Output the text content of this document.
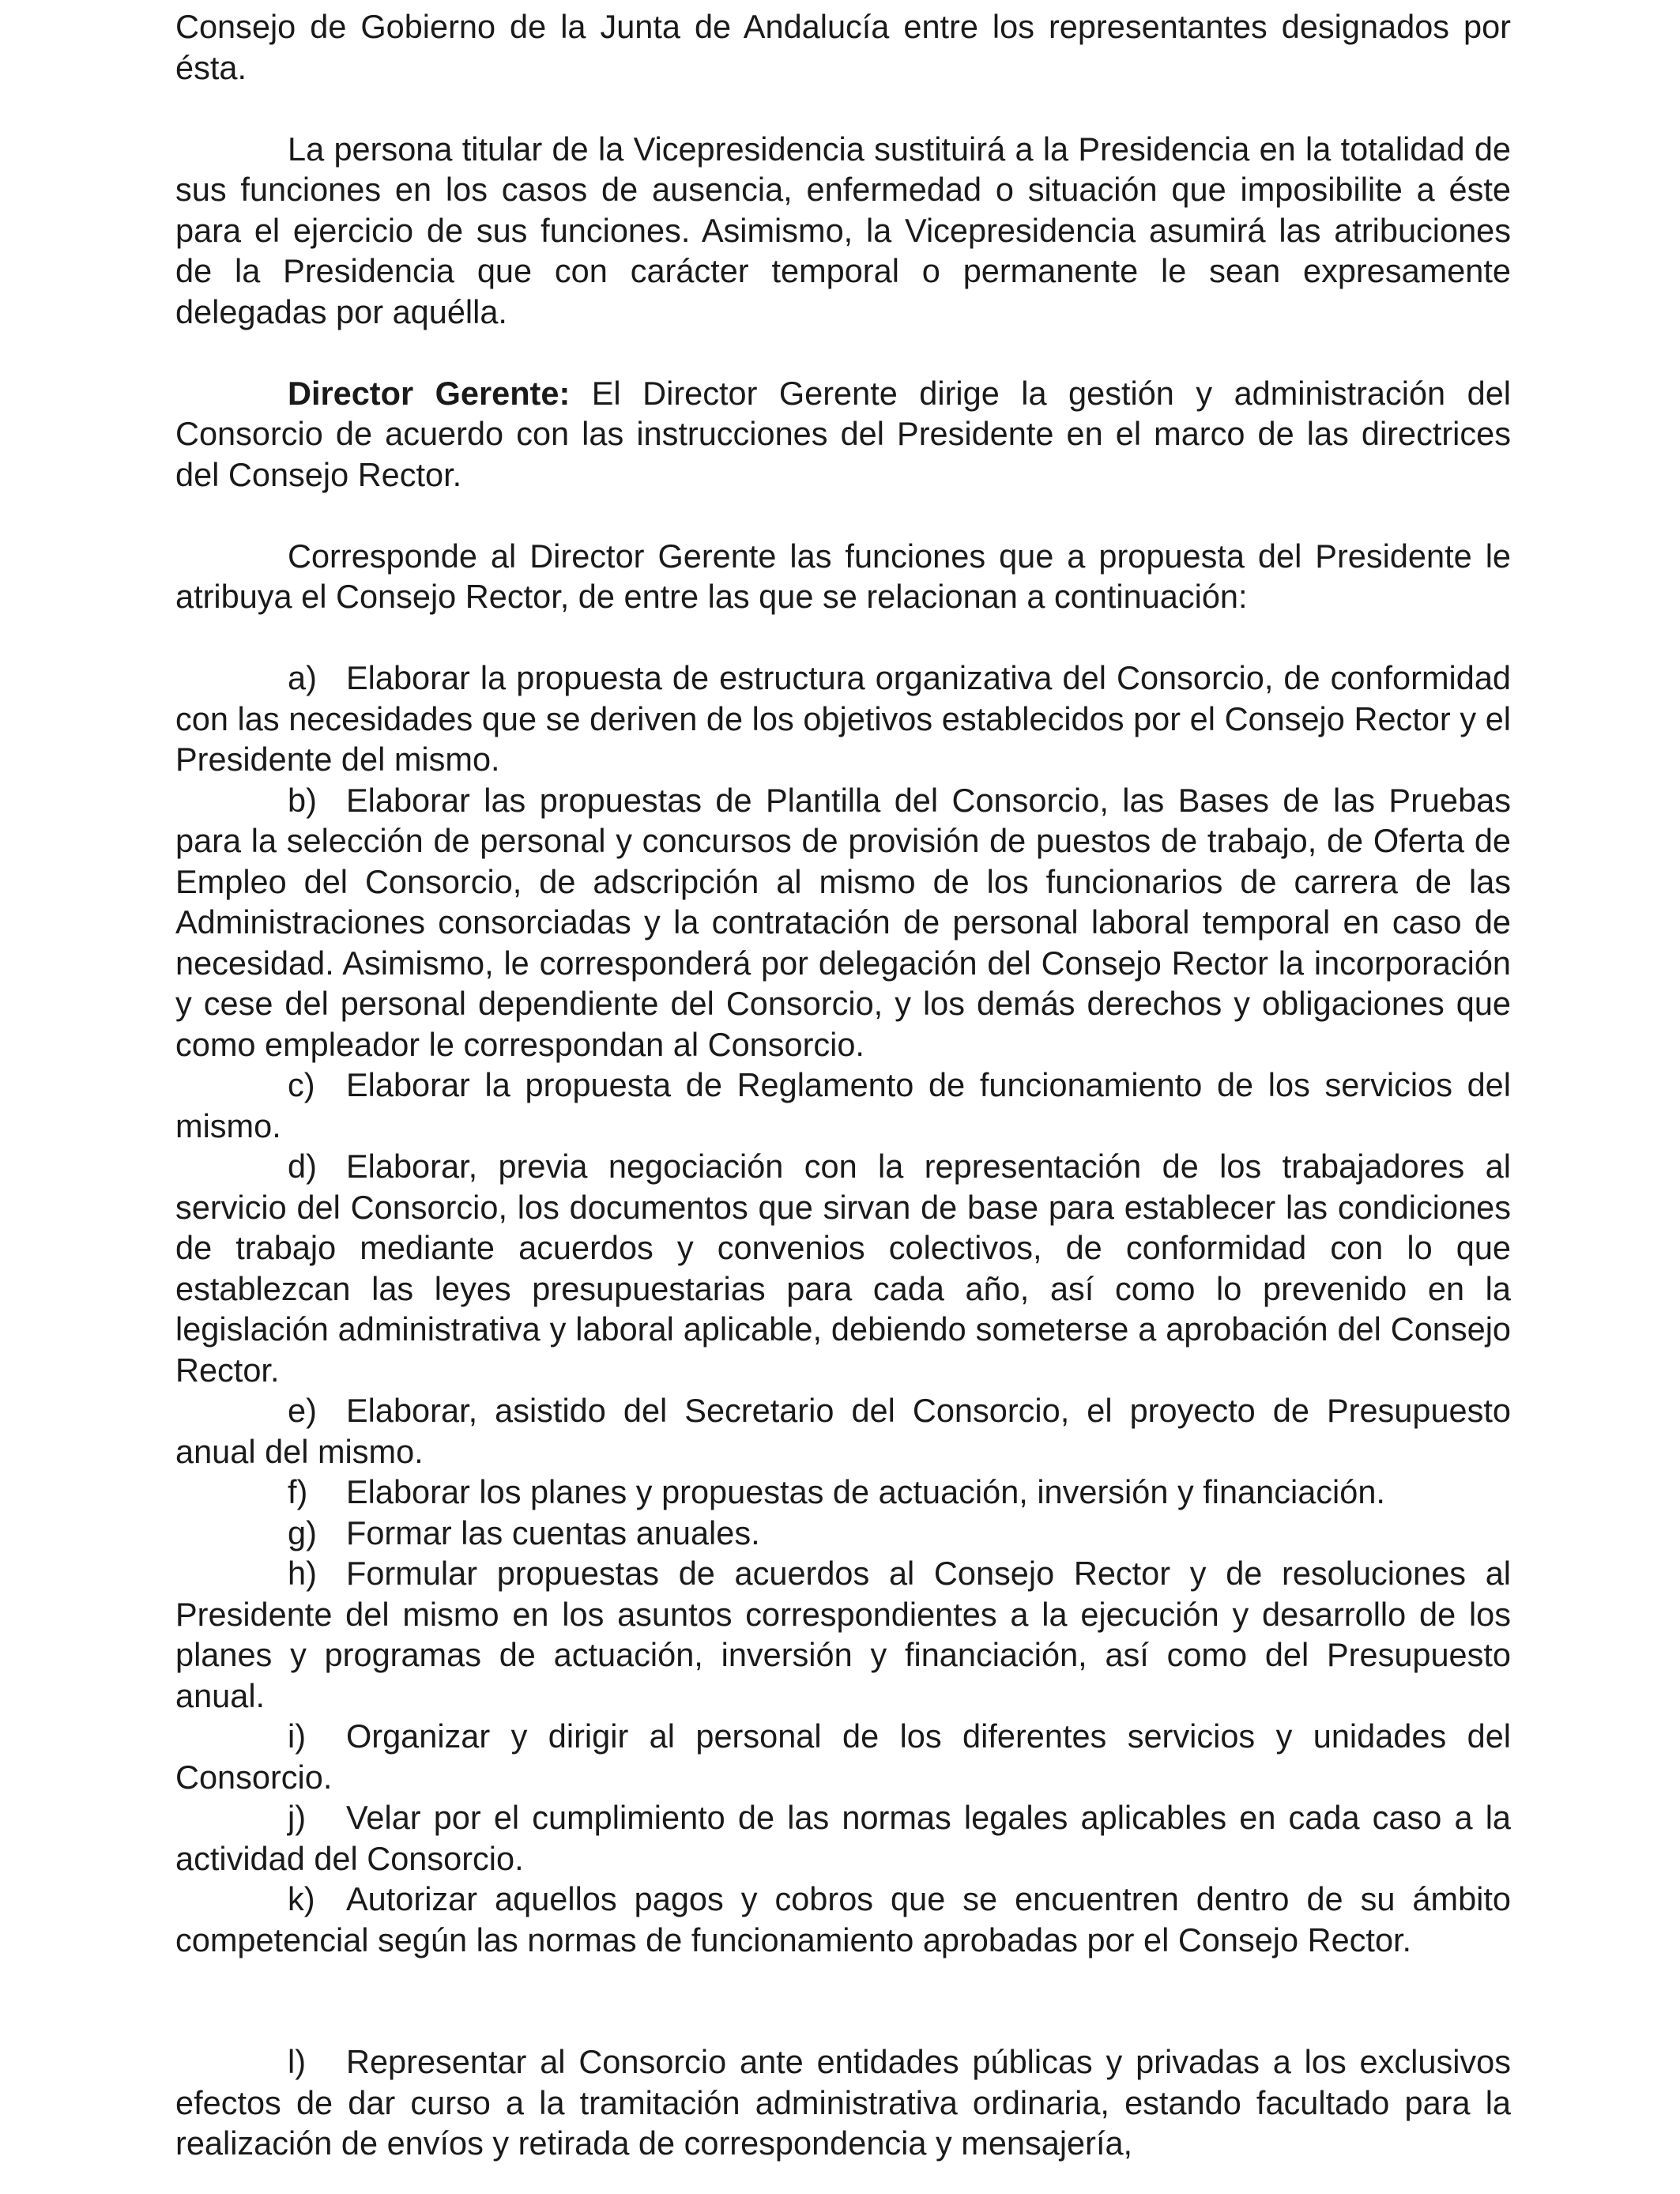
Consejo de Gobierno de la Junta de Andalucía entre los representantes designados por ésta.

La persona titular de la Vicepresidencia sustituirá a la Presidencia en la totalidad de sus funciones en los casos de ausencia, enfermedad o situación que imposibilite a éste para el ejercicio de sus funciones. Asimismo, la Vicepresidencia asumirá las atribuciones de la Presidencia que con carácter temporal o permanente le sean expresamente delegadas por aquélla.

Director Gerente: El Director Gerente dirige la gestión y administración del Consorcio de acuerdo con las instrucciones del Presidente en el marco de las directrices del Consejo Rector.

Corresponde al Director Gerente las funciones que a propuesta del Presidente le atribuya el Consejo Rector, de entre las que se relacionan a continuación:

a) Elaborar la propuesta de estructura organizativa del Consorcio, de conformidad con las necesidades que se deriven de los objetivos establecidos por el Consejo Rector y el Presidente del mismo.

b) Elaborar las propuestas de Plantilla del Consorcio, las Bases de las Pruebas para la selección de personal y concursos de provisión de puestos de trabajo, de Oferta de Empleo del Consorcio, de adscripción al mismo de los funcionarios de carrera de las Administraciones consorciadas y la contratación de personal laboral temporal en caso de necesidad. Asimismo, le corresponderá por delegación del Consejo Rector la incorporación y cese del personal dependiente del Consorcio, y los demás derechos y obligaciones que como empleador le correspondan al Consorcio.

c) Elaborar la propuesta de Reglamento de funcionamiento de los servicios del mismo.

d) Elaborar, previa negociación con la representación de los trabajadores al servicio del Consorcio, los documentos que sirvan de base para establecer las condiciones de trabajo mediante acuerdos y convenios colectivos, de conformidad con lo que establezcan las leyes presupuestarias para cada año, así como lo prevenido en la legislación administrativa y laboral aplicable, debiendo someterse a aprobación del Consejo Rector.

e) Elaborar, asistido del Secretario del Consorcio, el proyecto de Presupuesto anual del mismo.

f) Elaborar los planes y propuestas de actuación, inversión y financiación.

g) Formar las cuentas anuales.

h) Formular propuestas de acuerdos al Consejo Rector y de resoluciones al Presidente del mismo en los asuntos correspondientes a la ejecución y desarrollo de los planes y programas de actuación, inversión y financiación, así como del Presupuesto anual.

i) Organizar y dirigir al personal de los diferentes servicios y unidades del Consorcio.

j) Velar por el cumplimiento de las normas legales aplicables en cada caso a la actividad del Consorcio.

k) Autorizar aquellos pagos y cobros que se encuentren dentro de su ámbito competencial según las normas de funcionamiento aprobadas por el Consejo Rector.

l) Representar al Consorcio ante entidades públicas y privadas a los exclusivos efectos de dar curso a la tramitación administrativa ordinaria, estando facultado para la realización de envíos y retirada de correspondencia y mensajería,
